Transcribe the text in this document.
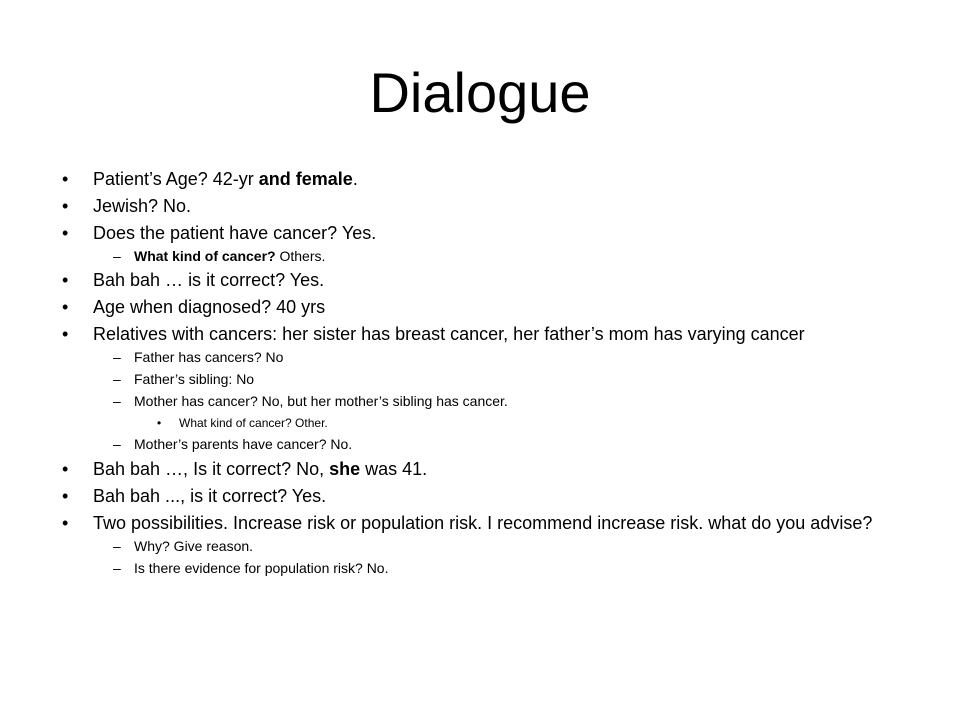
Dialogue
• Patient’s Age? 42-yr and female.
• Jewish? No.
• Does the patient have cancer? Yes.
– What kind of cancer? Others.
• Bah bah … is it correct? Yes.
• Age when diagnosed? 40 yrs
• Relatives with cancers: her sister has breast cancer, her father’s mom has varying cancer
– Father has cancers? No
– Father’s sibling: No
– Mother has cancer? No, but her mother’s sibling has cancer.
• What kind of cancer? Other.
– Mother’s parents have cancer? No.
• Bah bah …, Is it correct? No, she was 41.
• Bah bah ..., is it correct? Yes.
• Two possibilities. Increase risk or population risk. I recommend increase risk. what do you advise?
– Why? Give reason.
– Is there evidence for population risk? No.
